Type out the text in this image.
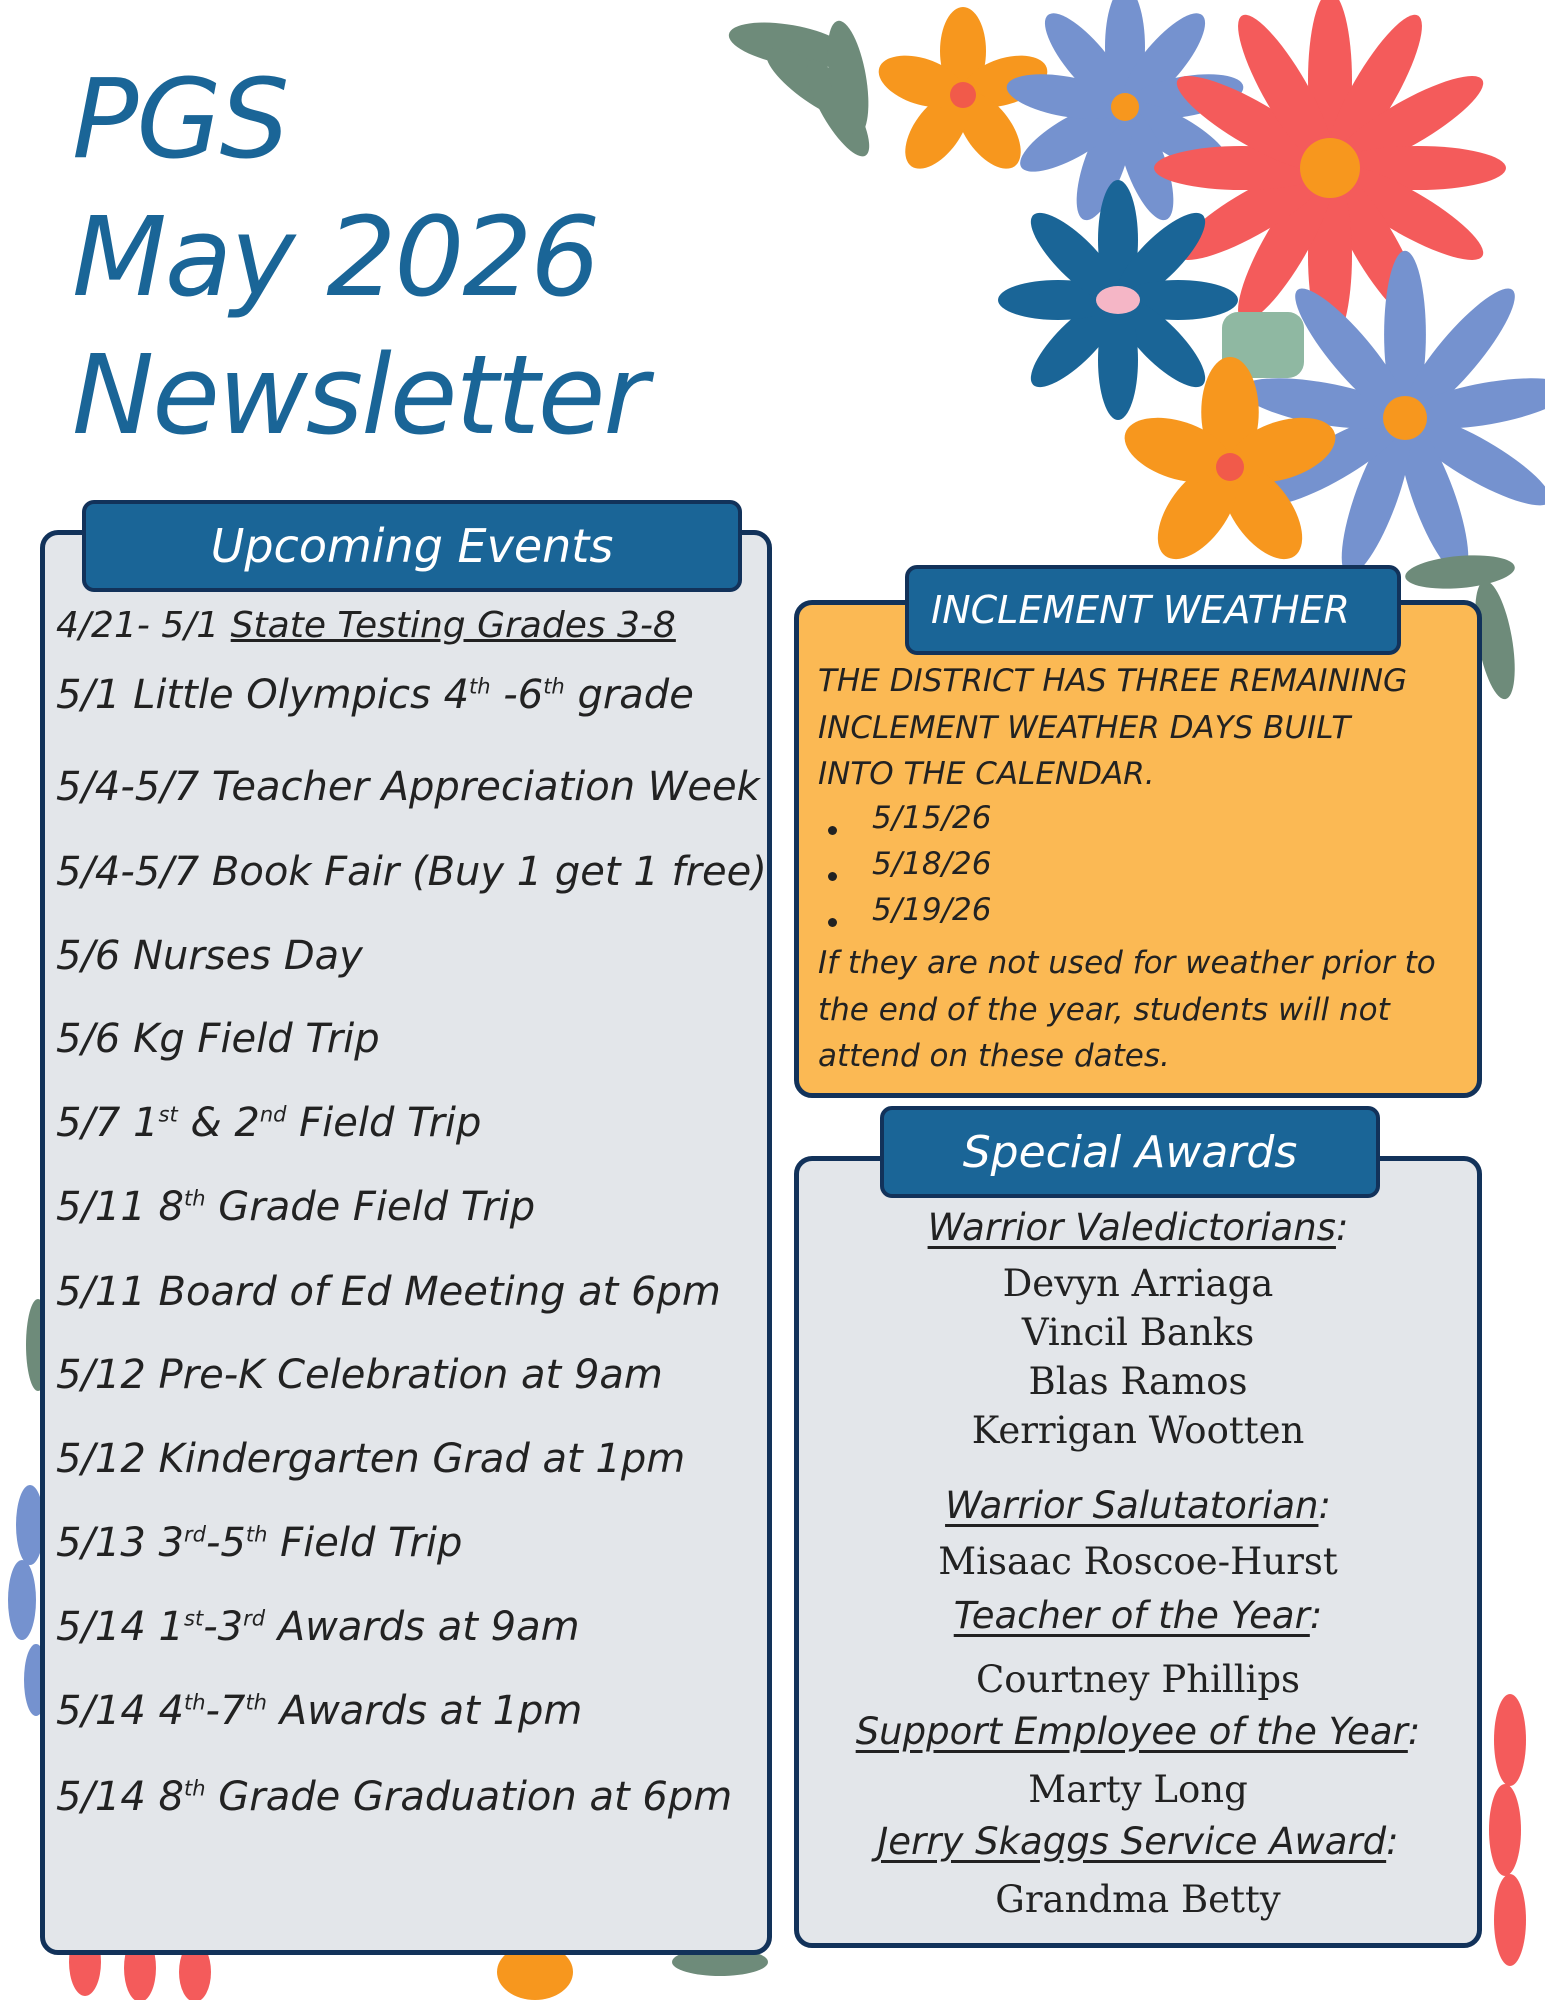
PGS
May 2026
Newsletter
Upcoming Events
4/21- 5/1 State Testing Grades 3-8
5/1 Little Olympics 4th -6th grade
5/4-5/7 Teacher Appreciation Week
5/4-5/7 Book Fair (Buy 1 get 1 free)
5/6 Nurses Day
5/6 Kg Field Trip
5/7 1st & 2nd Field Trip
5/11 8th Grade Field Trip
5/11 Board of Ed Meeting at 6pm
5/12 Pre-K Celebration at 9am
5/12 Kindergarten Grad at 1pm
5/13 3rd-5th Field Trip
5/14 1st-3rd Awards at 9am
5/14 4th-7th Awards at 1pm
5/14 8th Grade Graduation at 6pm
INCLEMENT WEATHER
THE DISTRICT HAS THREE REMAINING
INCLEMENT WEATHER DAYS BUILT
INTO THE CALENDAR.
5/15/26
5/18/26
5/19/26
If they are not used for weather prior to
the end of the year, students will not
attend on these dates.
Special Awards
Warrior Valedictorians:
Devyn Arriaga
Vincil Banks
Blas Ramos
Kerrigan Wootten
Warrior Salutatorian:
Misaac Roscoe-Hurst
Teacher of the Year:
Courtney Phillips
Support Employee of the Year:
Marty Long
Jerry Skaggs Service Award:
Grandma Betty
